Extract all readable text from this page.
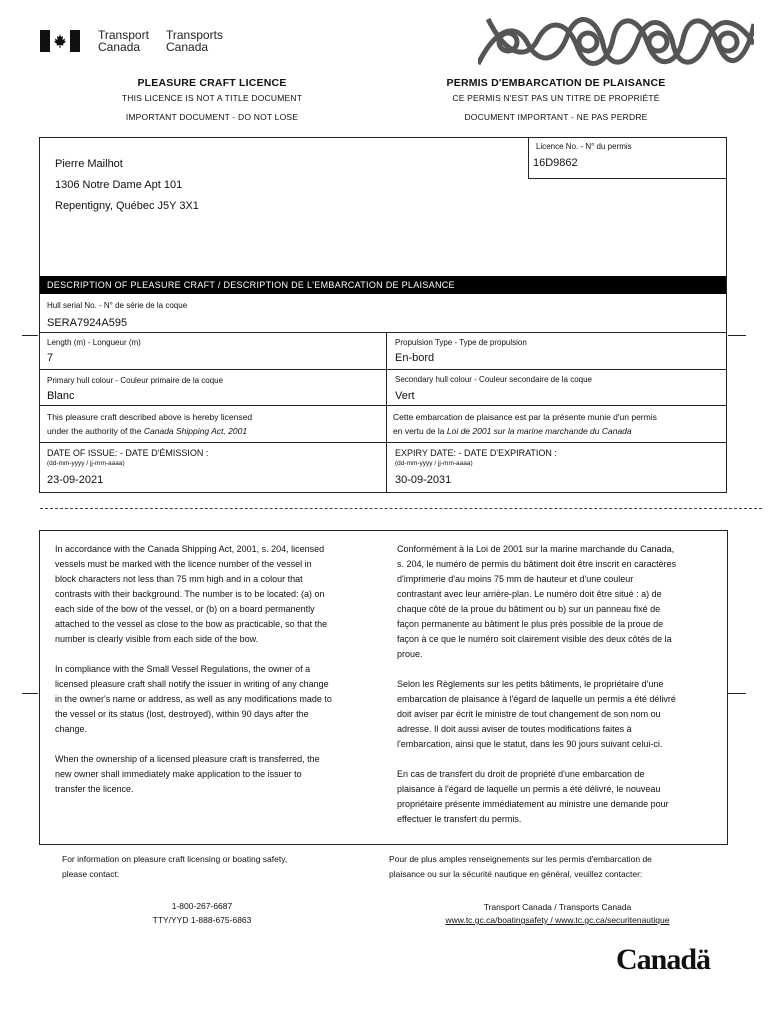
Transport
Canada
Transports
Canada
PLEASURE CRAFT LICENCE
THIS LICENCE IS NOT A TITLE DOCUMENT
IMPORTANT DOCUMENT - DO NOT LOSE
PERMIS D'EMBARCATION DE PLAISANCE
CE PERMIS N'EST PAS UN TITRE DE PROPRIÉTÉ
DOCUMENT IMPORTANT - NE PAS PERDRE
Pierre Mailhot
1306 Notre Dame Apt 101
Repentigny, Québec J5Y 3X1
Licence No. - N° du permis
16D9862
DESCRIPTION OF PLEASURE CRAFT / DESCRIPTION DE L'EMBARCATION DE PLAISANCE
Hull serial No. - N° de série de la coque
SERA7924A595
Length (m) - Longueur (m)
7
Propulsion Type - Type de propulsion
En-bord
Primary hull colour - Couleur primaire de la coque
Blanc
Secondary hull colour - Couleur secondaire de la coque
Vert
This pleasure craft described above is hereby licensed
under the authority of the Canada Shipping Act, 2001
Cette embarcation de plaisance est par la présente munie d'un permis
en vertu de la Loi de 2001 sur la marine marchande du Canada
DATE OF ISSUE: - DATE D'ÉMISSION :
(dd-mm-yyyy / jj-mm-aaaa)
23-09-2021
EXPIRY DATE: - DATE D'EXPIRATION :
(dd-mm-yyyy / jj-mm-aaaa)
30-09-2031

In accordance with the Canada Shipping Act, 2001, s. 204, licensed vessels must be marked with the licence number of the vessel in block characters not less than 75 mm high and in a colour that contrasts with their background. The number is to be located: (a) on each side of the bow of the vessel, or (b) on a board permanently attached to the vessel as close to the bow as practicable, so that the number is clearly visible from each side of the bow.

In compliance with the Small Vessel Regulations, the owner of a licensed pleasure craft shall notify the issuer in writing of any change in the owner's name or address, as well as any modifications made to the vessel or its status (lost, destroyed), within 90 days after the change.

When the ownership of a licensed pleasure craft is transferred, the new owner shall immediately make application to the issuer to transfer the licence.

Conformément à la Loi de 2001 sur la marine marchande du Canada, s. 204, le numéro de permis du bâtiment doit être inscrit en caractères d'imprimerie d'au moins 75 mm de hauteur et d'une couleur contrastant avec leur arrière-plan. Le numéro doit être situé : a) de chaque côté de la proue du bâtiment ou b) sur un panneau fixé de façon permanente au bâtiment le plus près possible de la proue de façon à ce que le numéro soit clairement visible des deux côtés de la proue.

Selon les Règlements sur les petits bâtiments, le propriétaire d'une embarcation de plaisance à l'égard de laquelle un permis a été délivré doit aviser par écrit le ministre de tout changement de son nom ou adresse. Il doit aussi aviser de toutes modifications faites à l'embarcation, ainsi que le statut, dans les 90 jours suivant celui-ci.

En cas de transfert du droit de propriété d'une embarcation de plaisance à l'égard de laquelle un permis a été délivré, le nouveau propriétaire présente immédiatement au ministre une demande pour effectuer le transfert du permis.

For information on pleasure craft licensing or boating safety, please contact:
1-800-267-6687
TTY/YYD 1-888-675-6863
Pour de plus amples renseignements sur les permis d'embarcation de plaisance ou sur la sécurité nautique en général, veuillez contacter:
Transport Canada / Transports Canada
www.tc.gc.ca/boatingsafety / www.tc.gc.ca/securitenautique
Canadä
